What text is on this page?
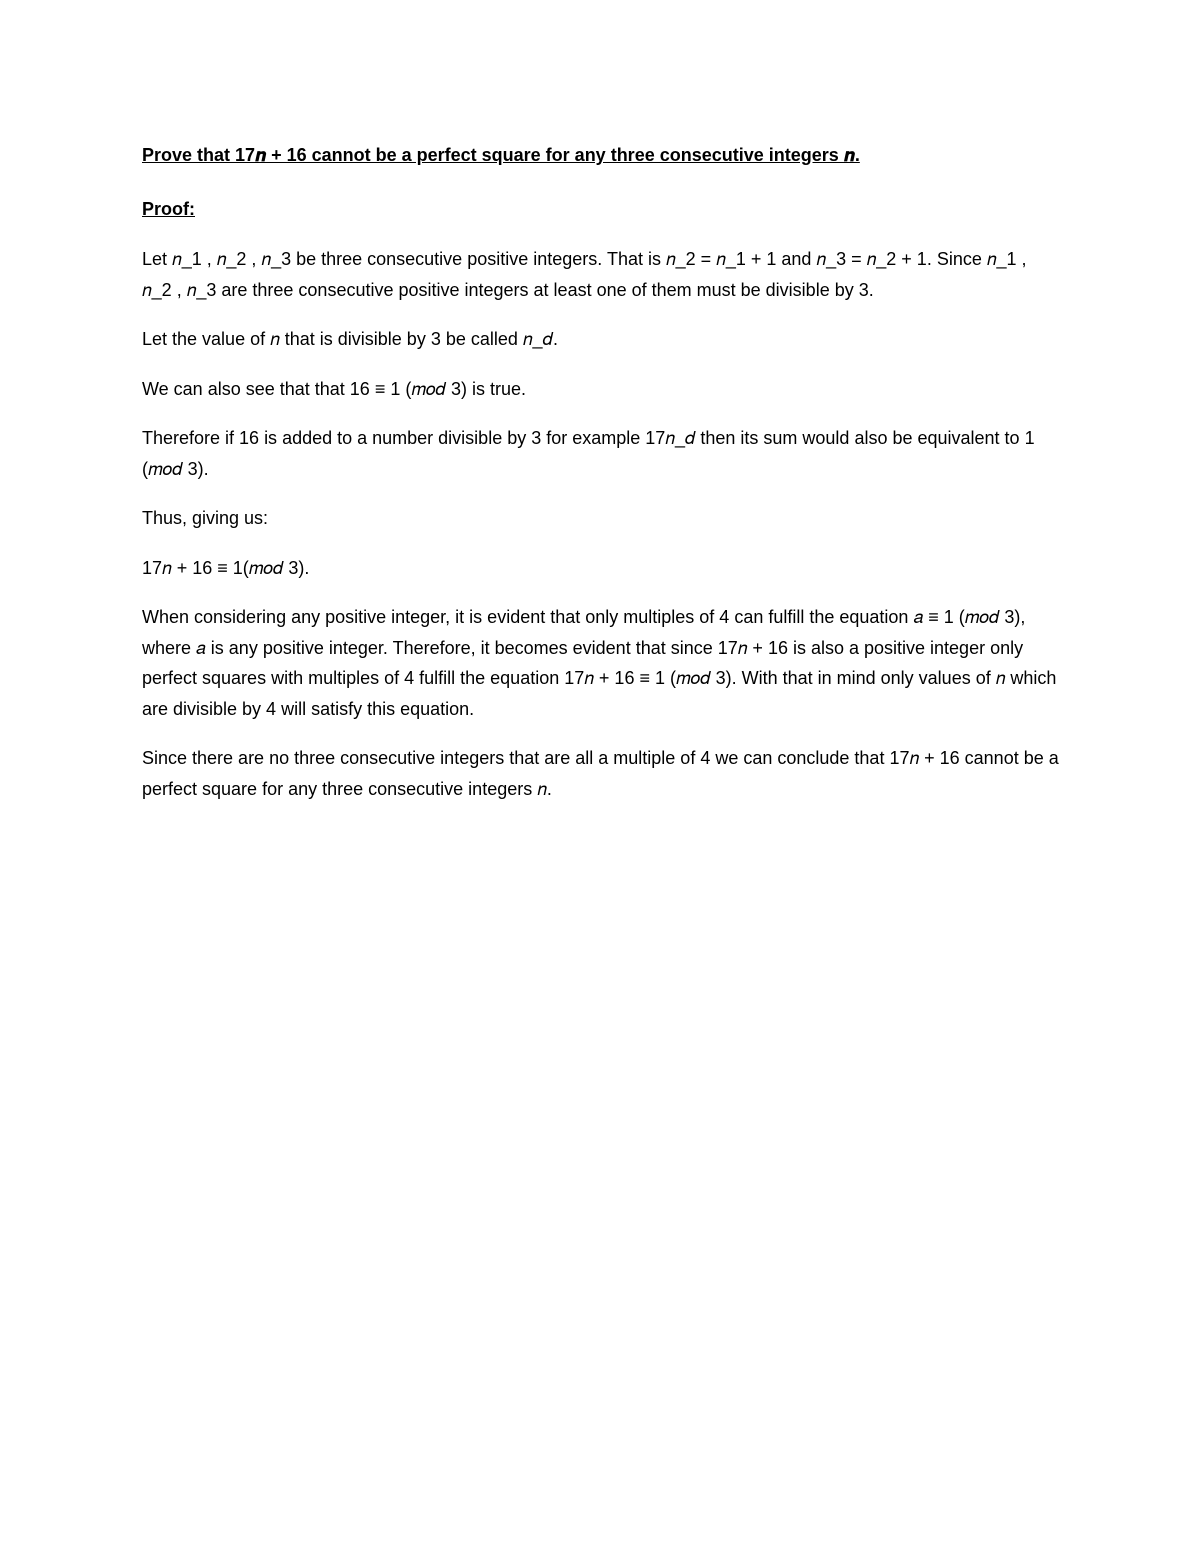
Prove that 17𝒏 + 16 cannot be a perfect square for any three consecutive integers 𝒏.
Proof:
Let 𝑛_1 , 𝑛_2 , 𝑛_3 be three consecutive positive integers. That is 𝑛_2 = 𝑛_1 + 1 and 𝑛_3 = 𝑛_2 + 1. Since 𝑛_1 , 𝑛_2 , 𝑛_3 are three consecutive positive integers at least one of them must be divisible by 3.
Let the value of 𝑛 that is divisible by 3 be called 𝑛_𝑑.
We can also see that that 16 ≡ 1 (𝑚𝑜𝑑 3) is true.
Therefore if 16 is added to a number divisible by 3 for example 17𝑛_𝑑 then its sum would also be equivalent to 1 (𝑚𝑜𝑑 3).
Thus, giving us:
17𝑛 + 16 ≡ 1(𝑚𝑜𝑑 3).
When considering any positive integer, it is evident that only multiples of 4 can fulfill the equation 𝑎 ≡ 1 (𝑚𝑜𝑑 3), where 𝑎 is any positive integer. Therefore, it becomes evident that since 17𝑛 + 16 is also a positive integer only perfect squares with multiples of 4 fulfill the equation 17𝑛 + 16 ≡ 1 (𝑚𝑜𝑑 3). With that in mind only values of 𝑛 which are divisible by 4 will satisfy this equation.
Since there are no three consecutive integers that are all a multiple of 4 we can conclude that 17𝑛 + 16 cannot be a perfect square for any three consecutive integers 𝑛.
